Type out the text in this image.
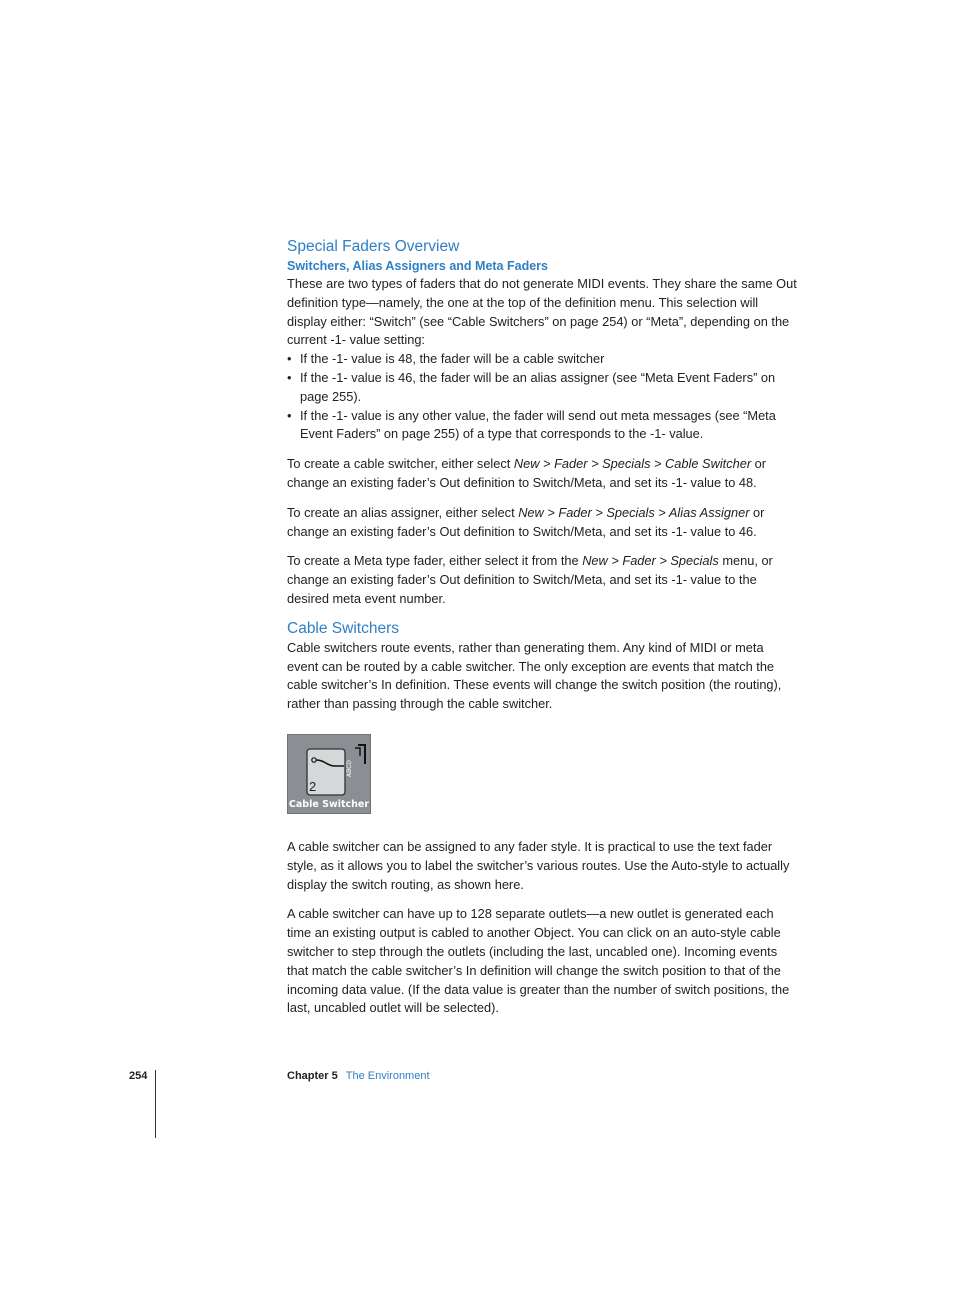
Special Faders Overview
Switchers, Alias Assigners and Meta Faders

These are two types of faders that do not generate MIDI events. They share the same Out definition type—namely, the one at the top of the definition menu. This selection will display either: “Switch” (see “Cable Switchers” on page 254) or “Meta”, depending on the current -1- value setting:

• If the -1- value is 48, the fader will be a cable switcher
• If the -1- value is 46, the fader will be an alias assigner (see “Meta Event Faders” on page 255).
• If the -1- value is any other value, the fader will send out meta messages (see “Meta Event Faders” on page 255) of a type that corresponds to the -1- value.

To create a cable switcher, either select New > Fader > Specials > Cable Switcher or change an existing fader’s Out definition to Switch/Meta, and set its -1- value to 48.

To create an alias assigner, either select New > Fader > Specials > Alias Assigner or change an existing fader’s Out definition to Switch/Meta, and set its -1- value to 46.

To create a Meta type fader, either select it from the New > Fader > Specials menu, or change an existing fader’s Out definition to Switch/Meta, and set its -1- value to the desired meta event number.

Cable Switchers

Cable switchers route events, rather than generating them. Any kind of MIDI or meta event can be routed by a cable switcher. The only exception are events that match the cable switcher’s In definition. These events will change the switch position (the routing), rather than passing through the cable switcher.

ABCD
2
Cable Switcher

A cable switcher can be assigned to any fader style. It is practical to use the text fader style, as it allows you to label the switcher’s various routes. Use the Auto-style to actually display the switch routing, as shown here.

A cable switcher can have up to 128 separate outlets—a new outlet is generated each time an existing output is cabled to another Object. You can click on an auto-style cable switcher to step through the outlets (including the last, uncabled one). Incoming events that match the cable switcher’s In definition will change the switch position to that of the incoming data value. (If the data value is greater than the number of switch positions, the last, uncabled outlet will be selected).

254	Chapter 5 The Environment
